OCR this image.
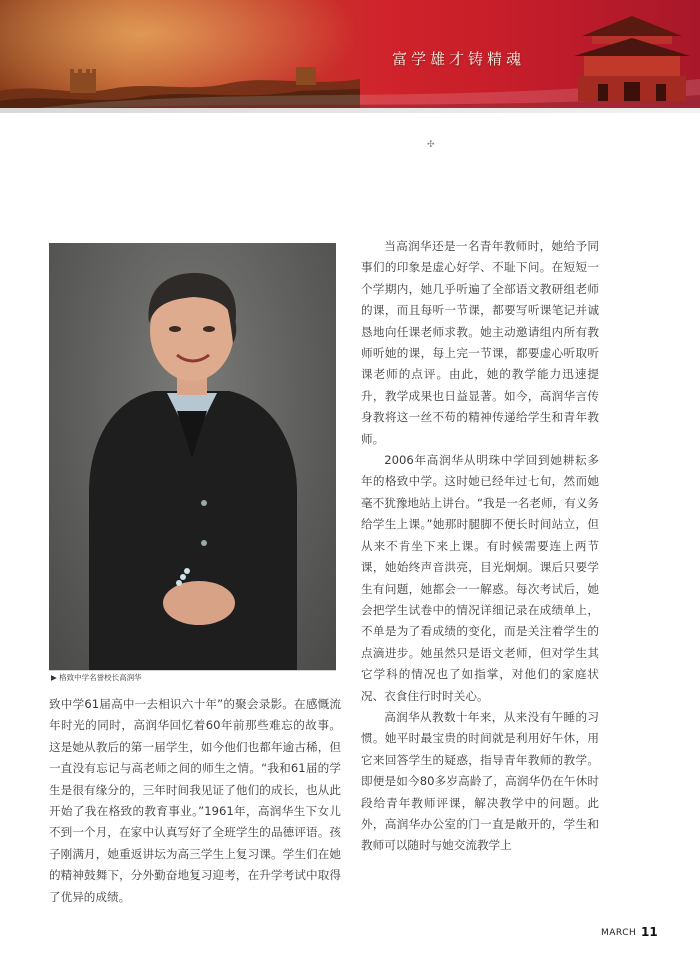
富学雄才铸精魂
✣
▶ 格致中学名誉校长高润华

当高润华还是一名青年教师时，她给予同事们的印象是虚心好学、不耻下问。在短短一个学期内，她几乎听遍了全部语文教研组老师的课，而且每听一节课，都要写听课笔记并诚恳地向任课老师求教。她主动邀请组内所有教师听她的课，每上完一节课，都要虚心听取听课老师的点评。由此，她的教学能力迅速提升，教学成果也日益显著。如今，高润华言传身教将这一丝不苟的精神传递给学生和青年教师。

2006年高润华从明珠中学回到她耕耘多年的格致中学。这时她已经年过七旬，然而她毫不犹豫地站上讲台。“我是一名老师，有义务给学生上课。”她那时腿脚不便长时间站立，但从来不肯坐下来上课。有时候需要连上两节课，她始终声音洪亮，目光炯炯。课后只要学生有问题，她都会一一解惑。每次考试后，她会把学生试卷中的情况详细记录在成绩单上，不单是为了看成绩的变化，而是关注着学生的点滴进步。她虽然只是语文老师，但对学生其它学科的情况也了如指掌，对他们的家庭状况、衣食住行时时关心。

高润华从教数十年来，从来没有午睡的习惯。她平时最宝贵的时间就是利用好午休，用它来回答学生的疑惑，指导青年教师的教学。即便是如今80多岁高龄了，高润华仍在午休时段给青年教师评课，解决教学中的问题。此外，高润华办公室的门一直是敞开的，学生和教师可以随时与她交流教学上

致中学61届高中一去相识六十年”的聚会录影。在感慨流年时光的同时，高润华回忆着60年前那些难忘的故事。这是她从教后的第一届学生，如今他们也都年逾古稀，但一直没有忘记与高老师之间的师生之情。“我和61届的学生是很有缘分的，三年时间我见证了他们的成长，也从此开始了我在格致的教育事业。”1961年，高润华生下女儿不到一个月，在家中认真写好了全班学生的品德评语。孩子刚满月，她重返讲坛为高三学生上复习课。学生们在她的精神鼓舞下，分外勤奋地复习迎考，在升学考试中取得了优异的成绩。

MARCH 11
